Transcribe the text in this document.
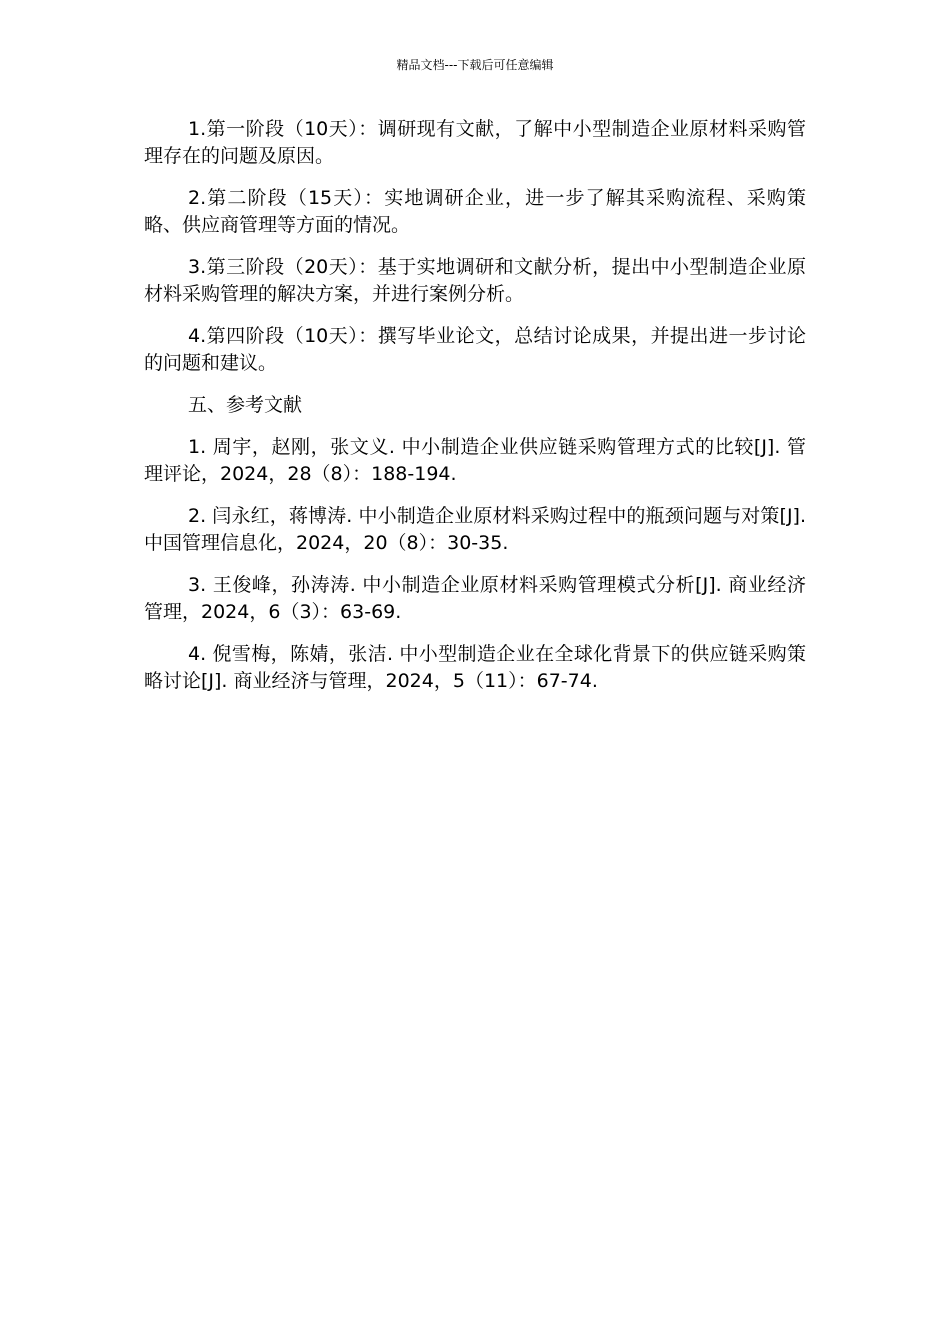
精品文档---下载后可任意编辑

1.第一阶段（10天）：调研现有文献，了解中小型制造企业原材料采购管理存在的问题及原因。

2.第二阶段（15天）：实地调研企业，进一步了解其采购流程、采购策略、供应商管理等方面的情况。

3.第三阶段（20天）：基于实地调研和文献分析，提出中小型制造企业原材料采购管理的解决方案，并进行案例分析。

4.第四阶段（10天）：撰写毕业论文，总结讨论成果，并提出进一步讨论的问题和建议。

五、参考文献

1. 周宇，赵刚，张文义. 中小制造企业供应链采购管理方式的比较[J]. 管理评论，2024，28（8）：188-194.

2. 闫永红，蒋博涛. 中小制造企业原材料采购过程中的瓶颈问题与对策[J]. 中国管理信息化，2024，20（8）：30-35.

3. 王俊峰，孙涛涛. 中小制造企业原材料采购管理模式分析[J]. 商业经济管理，2024，6（3）：63-69.

4. 倪雪梅，陈婧，张洁. 中小型制造企业在全球化背景下的供应链采购策略讨论[J]. 商业经济与管理，2024，5（11）：67-74.
